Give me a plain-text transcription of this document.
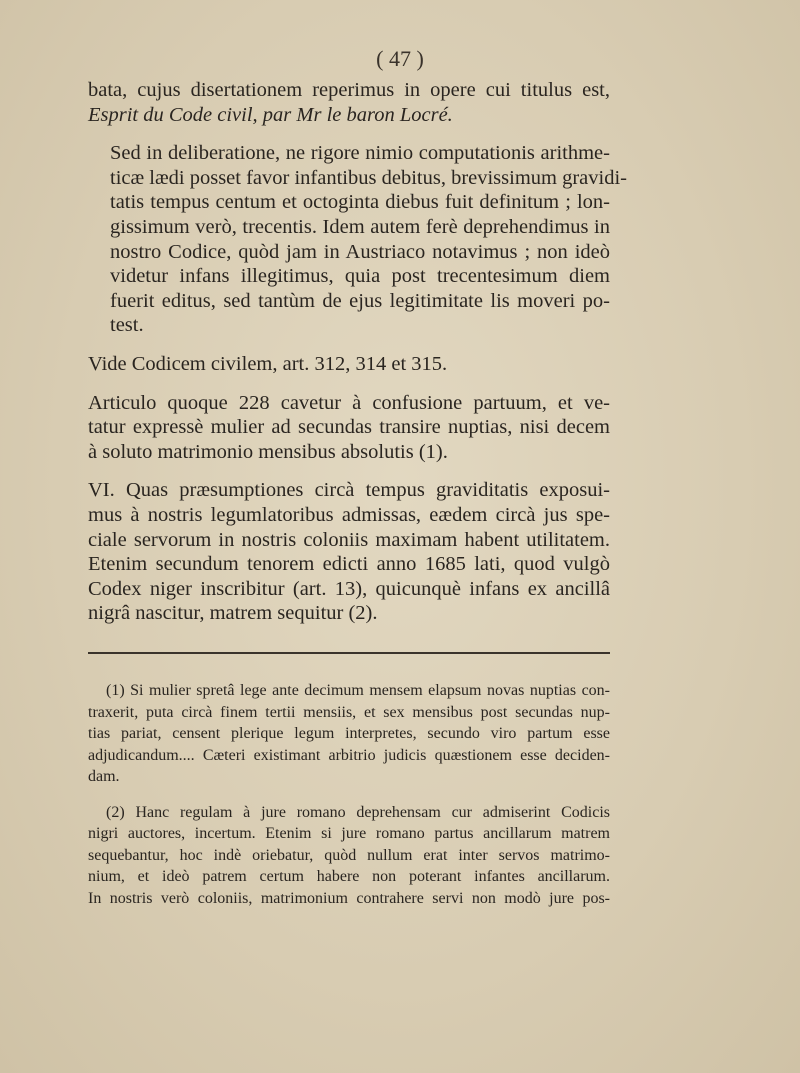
( 47 )

bata, cujus disertationem reperimus in opere cui titulus est,
Esprit du Code civil, par Mr le baron Locré.

Sed in deliberatione, ne rigore nimio computationis arithme-
ticæ lædi posset favor infantibus debitus, brevissimum gravidi-
tatis tempus centum et octoginta diebus fuit definitum ; lon-
gissimum verò, trecentis. Idem autem ferè deprehendimus in
nostro Codice, quòd jam in Austriaco notavimus ; non ideò
videtur infans illegitimus, quia post trecentesimum diem
fuerit editus, sed tantùm de ejus legitimitate lis moveri po-
test.

Vide Codicem civilem, art. 312, 314 et 315.

Articulo quoque 228 cavetur à confusione partuum, et ve-
tatur expressè mulier ad secundas transire nuptias, nisi decem
à soluto matrimonio mensibus absolutis (1).

VI. Quas præsumptiones circà tempus graviditatis exposui-
mus à nostris legumlatoribus admissas, eædem circà jus spe-
ciale servorum in nostris coloniis maximam habent utilitatem.
Etenim secundum tenorem edicti anno 1685 lati, quod vulgò
Codex niger inscribitur (art. 13), quicunquè infans ex ancillâ
nigrâ nascitur, matrem sequitur (2).

(1) Si mulier spretâ lege ante decimum mensem elapsum novas nuptias con-
traxerit, puta circà finem tertii mensiis, et sex mensibus post secundas nup-
tias pariat, censent plerique legum interpretes, secundo viro partum esse
adjudicandum.... Cæteri existimant arbitrio judicis quæstionem esse deciden-
dam.

(2) Hanc regulam à jure romano deprehensam cur admiserint Codicis
nigri auctores, incertum. Etenim si jure romano partus ancillarum matrem
sequebantur, hoc indè oriebatur, quòd nullum erat inter servos matrimo-
nium, et ideò patrem certum habere non poterant infantes ancillarum.
In nostris verò coloniis, matrimonium contrahere servi non modò jure pos-
